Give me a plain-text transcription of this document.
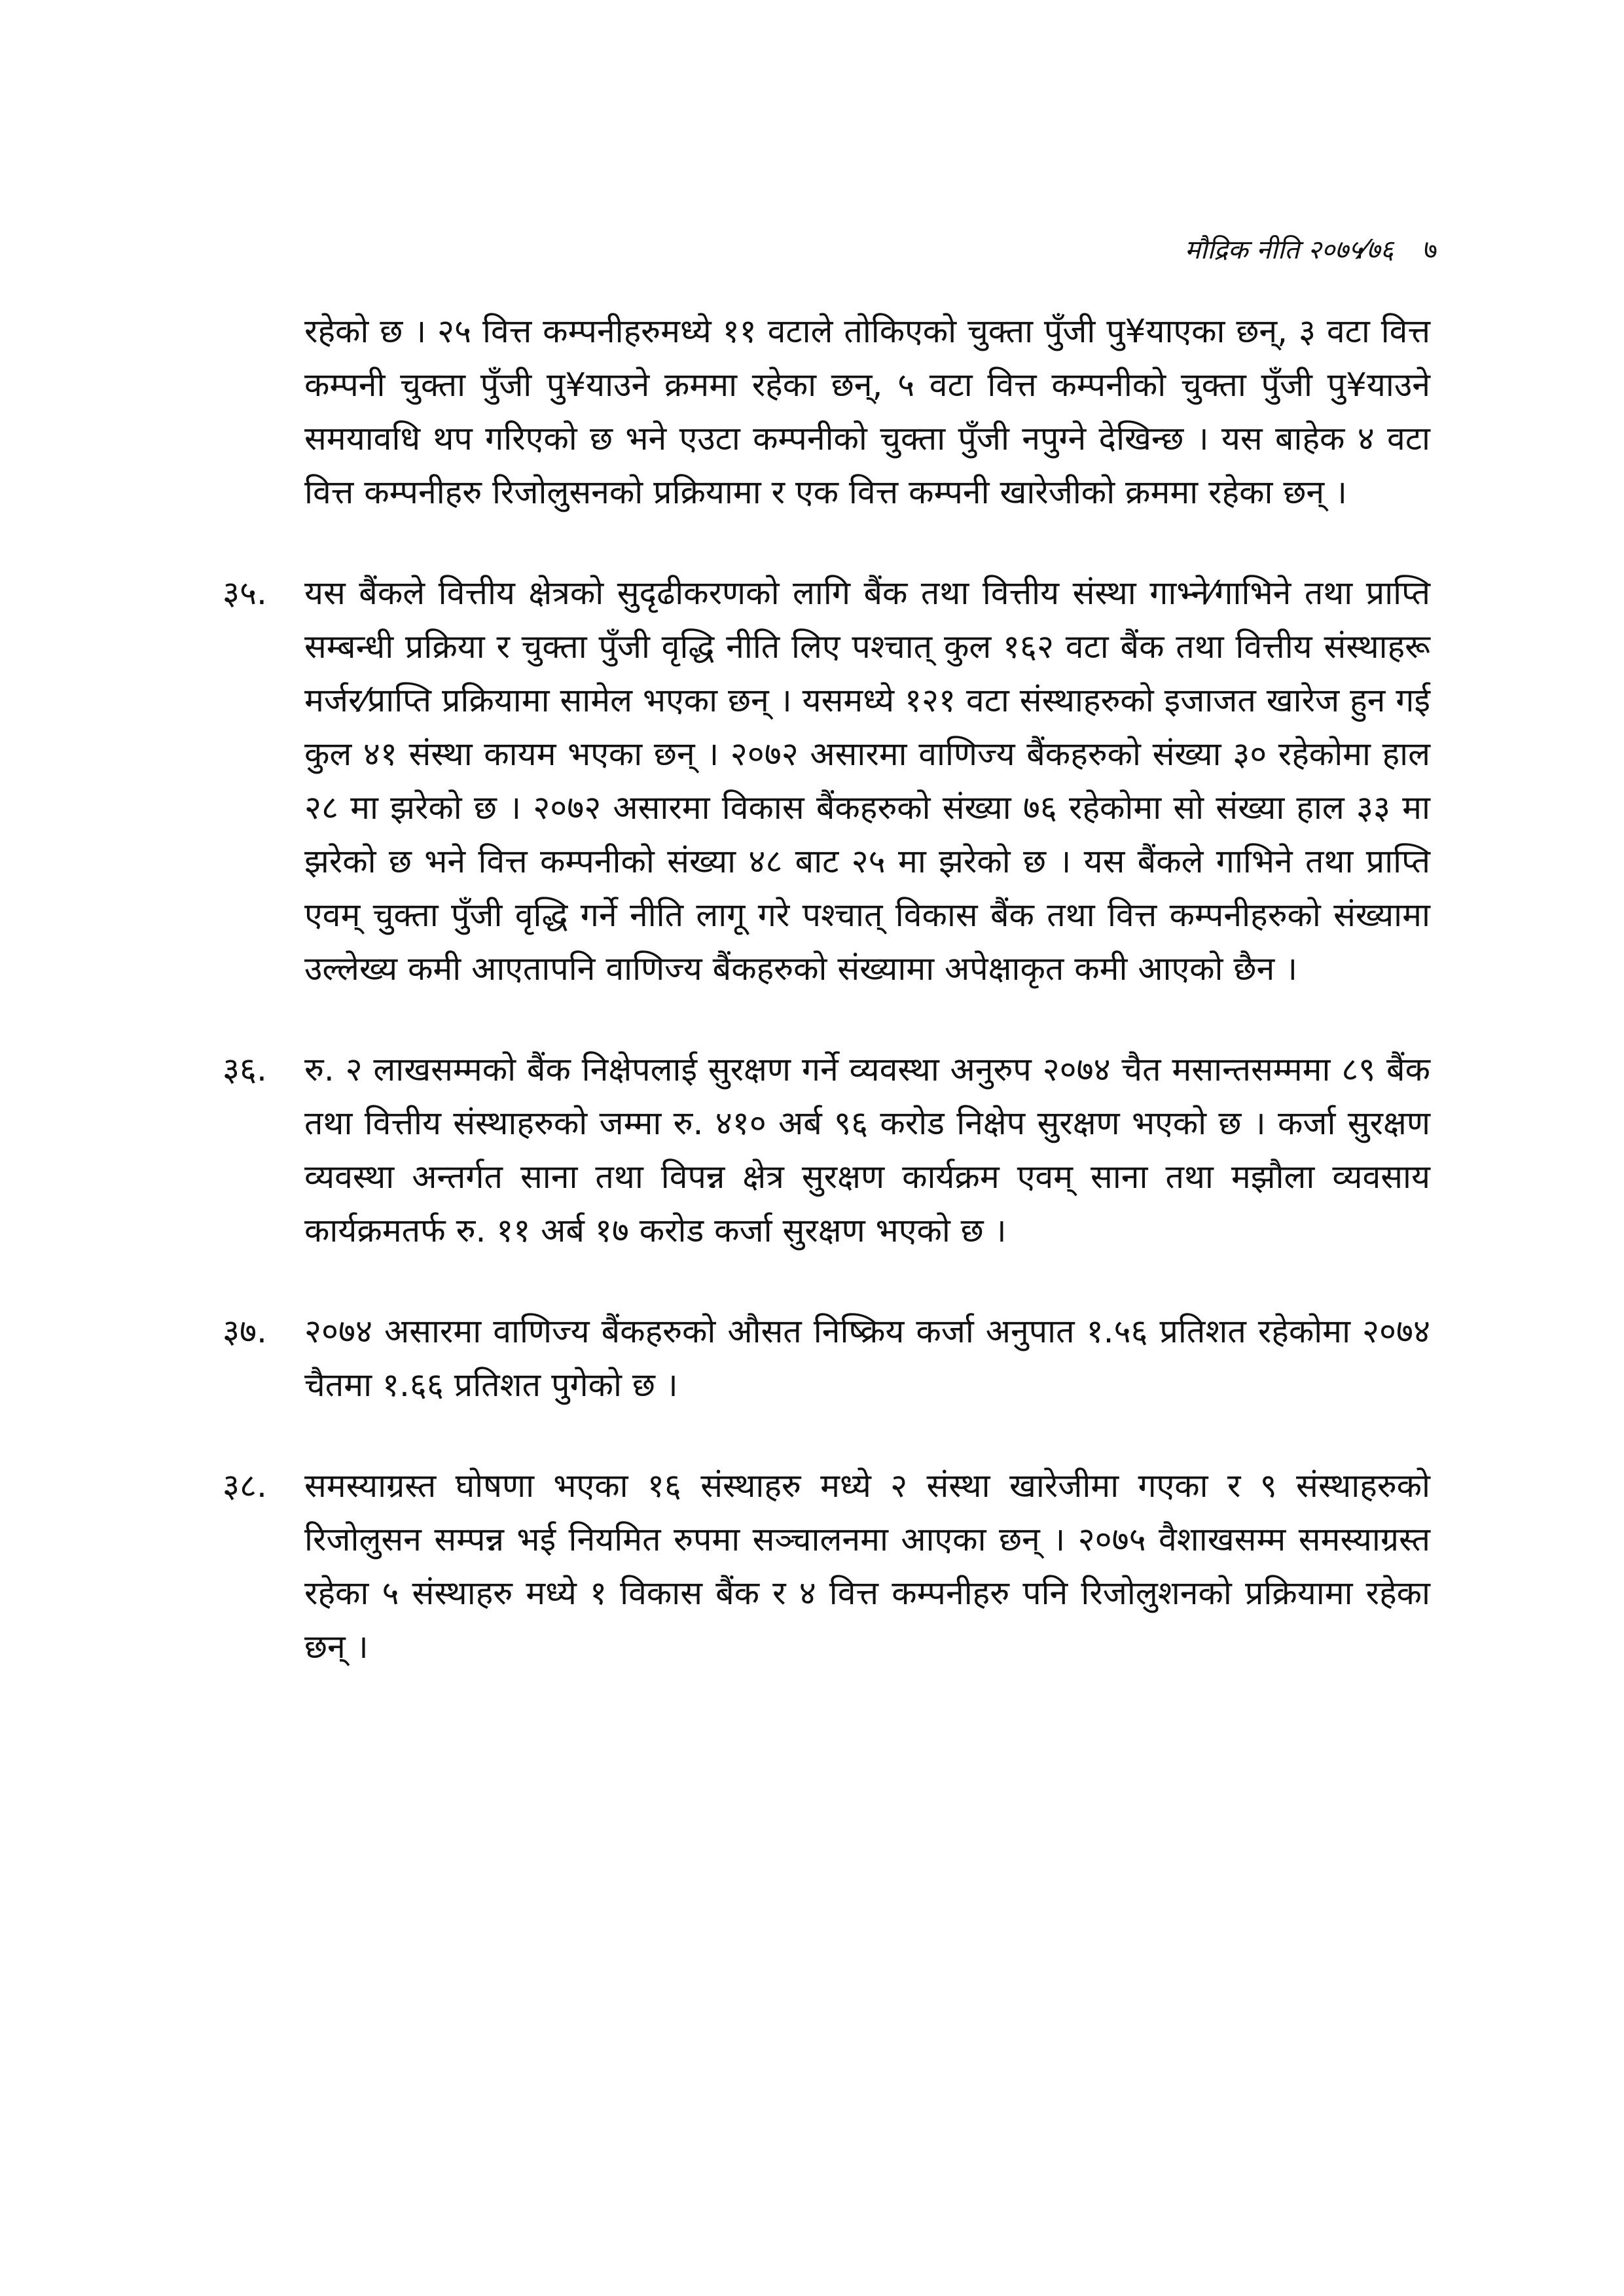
मौद्रिक नीति २०७५⁄७६ ७

रहेको छ । २५ वित्त कम्पनीहरुमध्ये ११ वटाले तोकिएको चुक्ता पुँजी पु¥याएका छन्, ३ वटा वित्त कम्पनी चुक्ता पुँजी पु¥याउने क्रममा रहेका छन्, ५ वटा वित्त कम्पनीको चुक्ता पुँजी पु¥याउने समयावधि थप गरिएको छ भने एउटा कम्पनीको चुक्ता पुँजी नपुग्ने देखिन्छ । यस बाहेक ४ वटा वित्त कम्पनीहरु रिजोलुसनको प्रक्रियामा र एक वित्त कम्पनी खारेजीको क्रममा रहेका छन् ।

३५. यस बैंकले वित्तीय क्षेत्रको सुदृढीकरणको लागि बैंक तथा वित्तीय संस्था गाभ्ने⁄गाभिने तथा प्राप्ति सम्बन्धी प्रक्रिया र चुक्ता पुँजी वृद्धि नीति लिए पश्चात् कुल १६२ वटा बैंक तथा वित्तीय संस्थाहरू मर्जर⁄प्राप्ति प्रक्रियामा सामेल भएका छन् । यसमध्ये १२१ वटा संस्थाहरुको इजाजत खारेज हुन गई कुल ४१ संस्था कायम भएका छन् । २०७२ असारमा वाणिज्य बैंकहरुको संख्या ३० रहेकोमा हाल २८ मा झरेको छ । २०७२ असारमा विकास बैंकहरुको संख्या ७६ रहेकोमा सो संख्या हाल ३३ मा झरेको छ भने वित्त कम्पनीको संख्या ४८ बाट २५ मा झरेको छ । यस बैंकले गाभिने तथा प्राप्ति एवम् चुक्ता पुँजी वृद्धि गर्ने नीति लागू गरे पश्चात् विकास बैंक तथा वित्त कम्पनीहरुको संख्यामा उल्लेख्य कमी आएतापनि वाणिज्य बैंकहरुको संख्यामा अपेक्षाकृत कमी आएको छैन ।

३६. रु. २ लाखसम्मको बैंक निक्षेपलाई सुरक्षण गर्ने व्यवस्था अनुरुप २०७४ चैत मसान्तसम्ममा ८९ बैंक तथा वित्तीय संस्थाहरुको जम्मा रु. ४१० अर्ब ९६ करोड निक्षेप सुरक्षण भएको छ । कर्जा सुरक्षण व्यवस्था अन्तर्गत साना तथा विपन्न क्षेत्र सुरक्षण कार्यक्रम एवम् साना तथा मझौला व्यवसाय कार्यक्रमतर्फ रु. ११ अर्ब १७ करोड कर्जा सुरक्षण भएको छ ।

३७. २०७४ असारमा वाणिज्य बैंकहरुको औसत निष्क्रिय कर्जा अनुपात १.५६ प्रतिशत रहेकोमा २०७४ चैतमा १.६६ प्रतिशत पुगेको छ ।

३८. समस्याग्रस्त घोषणा भएका १६ संस्थाहरु मध्ये २ संस्था खारेजीमा गएका र ९ संस्थाहरुको रिजोलुसन सम्पन्न भई नियमित रुपमा सञ्चालनमा आएका छन् । २०७५ वैशाखसम्म समस्याग्रस्त रहेका ५ संस्थाहरु मध्ये १ विकास बैंक र ४ वित्त कम्पनीहरु पनि रिजोलुशनको प्रक्रियामा रहेका छन् ।
